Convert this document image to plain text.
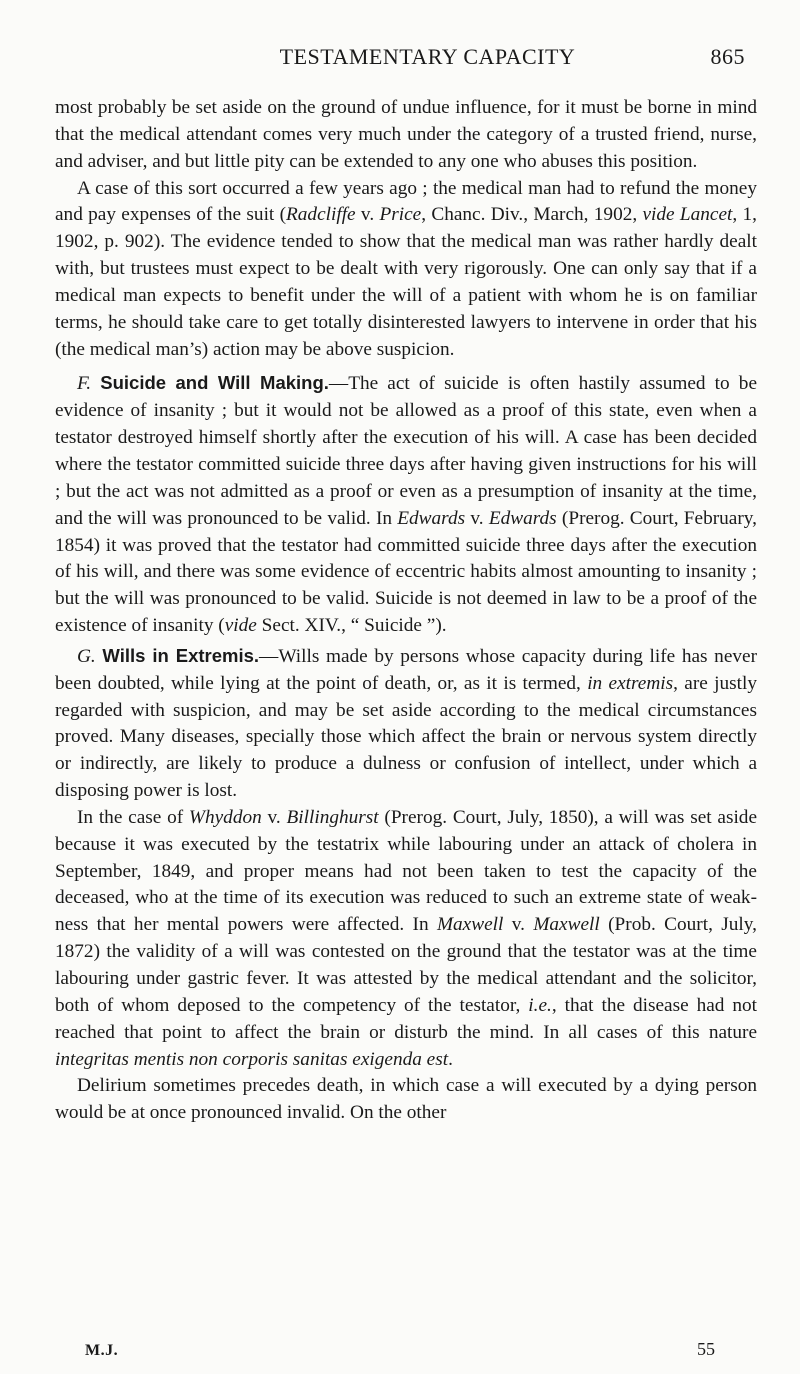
TESTAMENTARY CAPACITY	865

most probably be set aside on the ground of undue influence, for it must be borne in mind that the medical attendant comes very much under the category of a trusted friend, nurse, and adviser, and but little pity can be extended to any one who abuses this position.

A case of this sort occurred a few years ago ; the medical man had to refund the money and pay expenses of the suit (Radcliffe v. Price, Chanc. Div., March, 1902, vide Lancet, 1, 1902, p. 902). The evidence tended to show that the medical man was rather hardly dealt with, but trustees must expect to be dealt with very rigorously. One can only say that if a medical man expects to benefit under the will of a patient with whom he is on familiar terms, he should take care to get totally disinterested lawyers to intervene in order that his (the medical man’s) action may be above suspicion.

F. Suicide and Will Making.—The act of suicide is often hastily assumed to be evidence of insanity ; but it would not be allowed as a proof of this state, even when a testator destroyed himself shortly after the execution of his will. A case has been decided where the testator committed suicide three days after having given instructions for his will ; but the act was not admitted as a proof or even as a presumption of insanity at the time, and the will was pronounced to be valid. In Edwards v. Edwards (Prerog. Court, February, 1854) it was proved that the testator had committed suicide three days after the execution of his will, and there was some evidence of eccentric habits almost amounting to insanity ; but the will was pronounced to be valid. Suicide is not deemed in law to be a proof of the existence of insanity (vide Sect. XIV., “ Suicide ”).

G. Wills in Extremis.—Wills made by persons whose capacity during life has never been doubted, while lying at the point of death, or, as it is termed, in extremis, are justly regarded with suspicion, and may be set aside according to the medical circumstances proved. Many diseases, specially those which affect the brain or nervous system directly or indirectly, are likely to produce a dulness or confusion of intellect, under which a disposing power is lost.

In the case of Whyddon v. Billinghurst (Prerog. Court, July, 1850), a will was set aside because it was executed by the testatrix while labouring under an attack of cholera in September, 1849, and proper means had not been taken to test the capacity of the deceased, who at the time of its execution was reduced to such an extreme state of weakness that her mental powers were affected. In Maxwell v. Maxwell (Prob. Court, July, 1872) the validity of a will was contested on the ground that the testator was at the time labouring under gastric fever. It was attested by the medical attendant and the solicitor, both of whom deposed to the competency of the testator, i.e., that the disease had not reached that point to affect the brain or disturb the mind. In all cases of this nature integritas mentis non corporis sanitas exigenda est.

Delirium sometimes precedes death, in which case a will executed by a dying person would be at once pronounced invalid. On the other

M.J.	55
